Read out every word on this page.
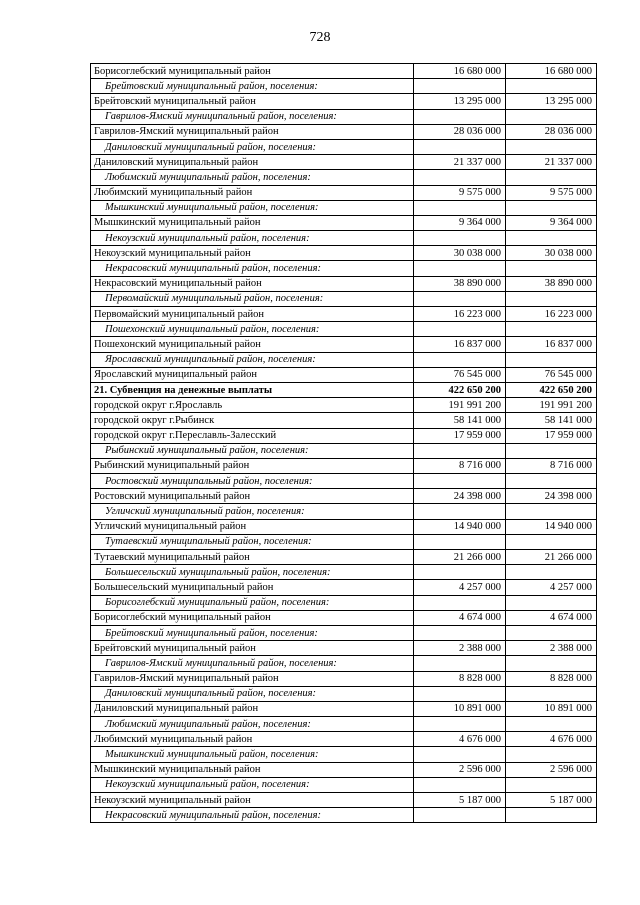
728
Борисоглебский муниципальный район	16 680 000	16 680 000
Брейтовский муниципальный район, поселения:		
Брейтовский муниципальный район	13 295 000	13 295 000
Гаврилов-Ямский муниципальный район, поселения:		
Гаврилов-Ямский муниципальный район	28 036 000	28 036 000
Даниловский муниципальный район, поселения:		
Даниловский муниципальный район	21 337 000	21 337 000
Любимский муниципальный район, поселения:		
Любимский муниципальный район	9 575 000	9 575 000
Мышкинский муниципальный район, поселения:		
Мышкинский муниципальный район	9 364 000	9 364 000
Некоузский муниципальный район, поселения:		
Некоузский муниципальный район	30 038 000	30 038 000
Некрасовский муниципальный район, поселения:		
Некрасовский муниципальный район	38 890 000	38 890 000
Первомайский муниципальный район, поселения:		
Первомайский муниципальный район	16 223 000	16 223 000
Пошехонский муниципальный район, поселения:		
Пошехонский муниципальный район	16 837 000	16 837 000
Ярославский муниципальный район, поселения:		
Ярославский муниципальный район	76 545 000	76 545 000
21. Субвенция на денежные выплаты	422 650 200	422 650 200
городской округ г.Ярославль	191 991 200	191 991 200
городской округ г.Рыбинск	58 141 000	58 141 000
городской округ г.Переславль-Залесский	17 959 000	17 959 000
Рыбинский муниципальный район, поселения:		
Рыбинский муниципальный район	8 716 000	8 716 000
Ростовский муниципальный район, поселения:		
Ростовский муниципальный район	24 398 000	24 398 000
Угличский муниципальный район, поселения:		
Угличский муниципальный район	14 940 000	14 940 000
Тутаевский муниципальный район, поселения:		
Тутаевский муниципальный район	21 266 000	21 266 000
Большесельский муниципальный район, поселения:		
Большесельский муниципальный район	4 257 000	4 257 000
Борисоглебский муниципальный район, поселения:		
Борисоглебский муниципальный район	4 674 000	4 674 000
Брейтовский муниципальный район, поселения:		
Брейтовский муниципальный район	2 388 000	2 388 000
Гаврилов-Ямский муниципальный район, поселения:		
Гаврилов-Ямский муниципальный район	8 828 000	8 828 000
Даниловский муниципальный район, поселения:		
Даниловский муниципальный район	10 891 000	10 891 000
Любимский муниципальный район, поселения:		
Любимский муниципальный район	4 676 000	4 676 000
Мышкинский муниципальный район, поселения:		
Мышкинский муниципальный район	2 596 000	2 596 000
Некоузский муниципальный район, поселения:		
Некоузский муниципальный район	5 187 000	5 187 000
Некрасовский муниципальный район, поселения:		
